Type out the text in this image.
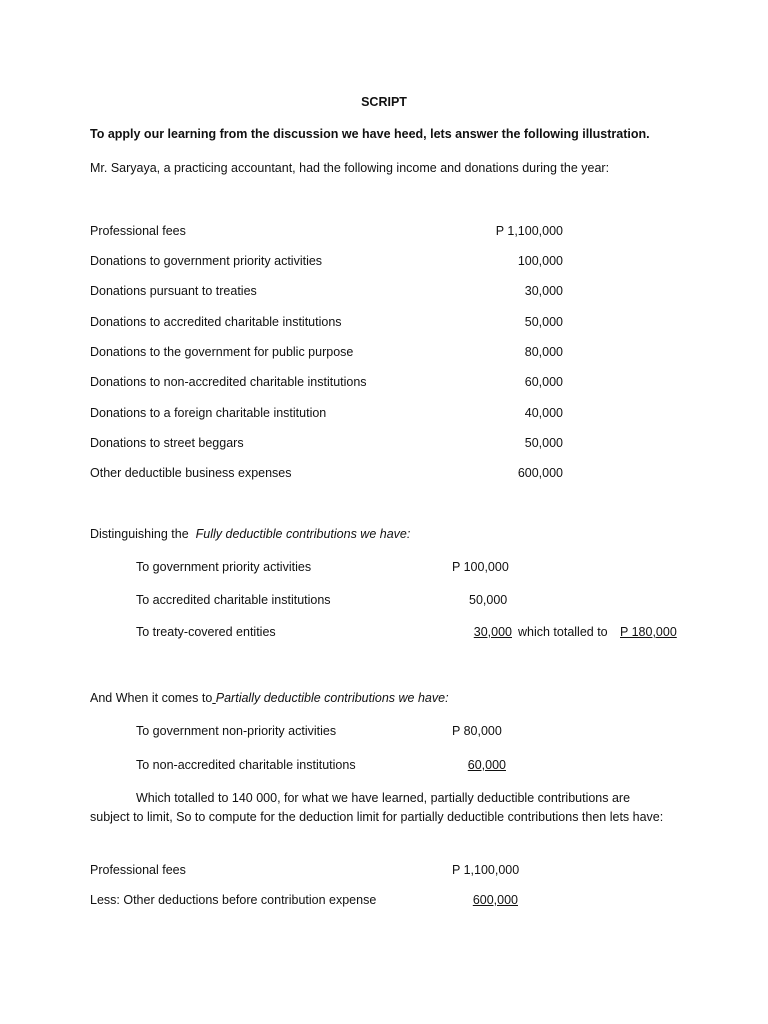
SCRIPT
To apply our learning from the discussion we have heed, lets answer the following illustration.
Mr. Saryaya, a practicing accountant, had the following income and donations during the year:
Professional fees	P 1,100,000
Donations to government priority activities	100,000
Donations pursuant to treaties	30,000
Donations to accredited charitable institutions	50,000
Donations to the government for public purpose	80,000
Donations to non-accredited charitable institutions	60,000
Donations to a foreign charitable institution	40,000
Donations to street beggars	50,000
Other deductible business expenses	600,000
Distinguishing the Fully deductible contributions we have:
To government priority activities	P 100,000
To accredited charitable institutions	50,000
To treaty-covered entities	30,000 which totalled to P 180,000
And When it comes to Partially deductible contributions we have:
To government non-priority activities	P 80,000
To non-accredited charitable institutions	60,000
Which totalled to 140 000, for what we have learned, partially deductible contributions are subject to limit, So to compute for the deduction limit for partially deductible contributions then lets have:
Professional fees	P 1,100,000
Less: Other deductions before contribution expense	600,000
